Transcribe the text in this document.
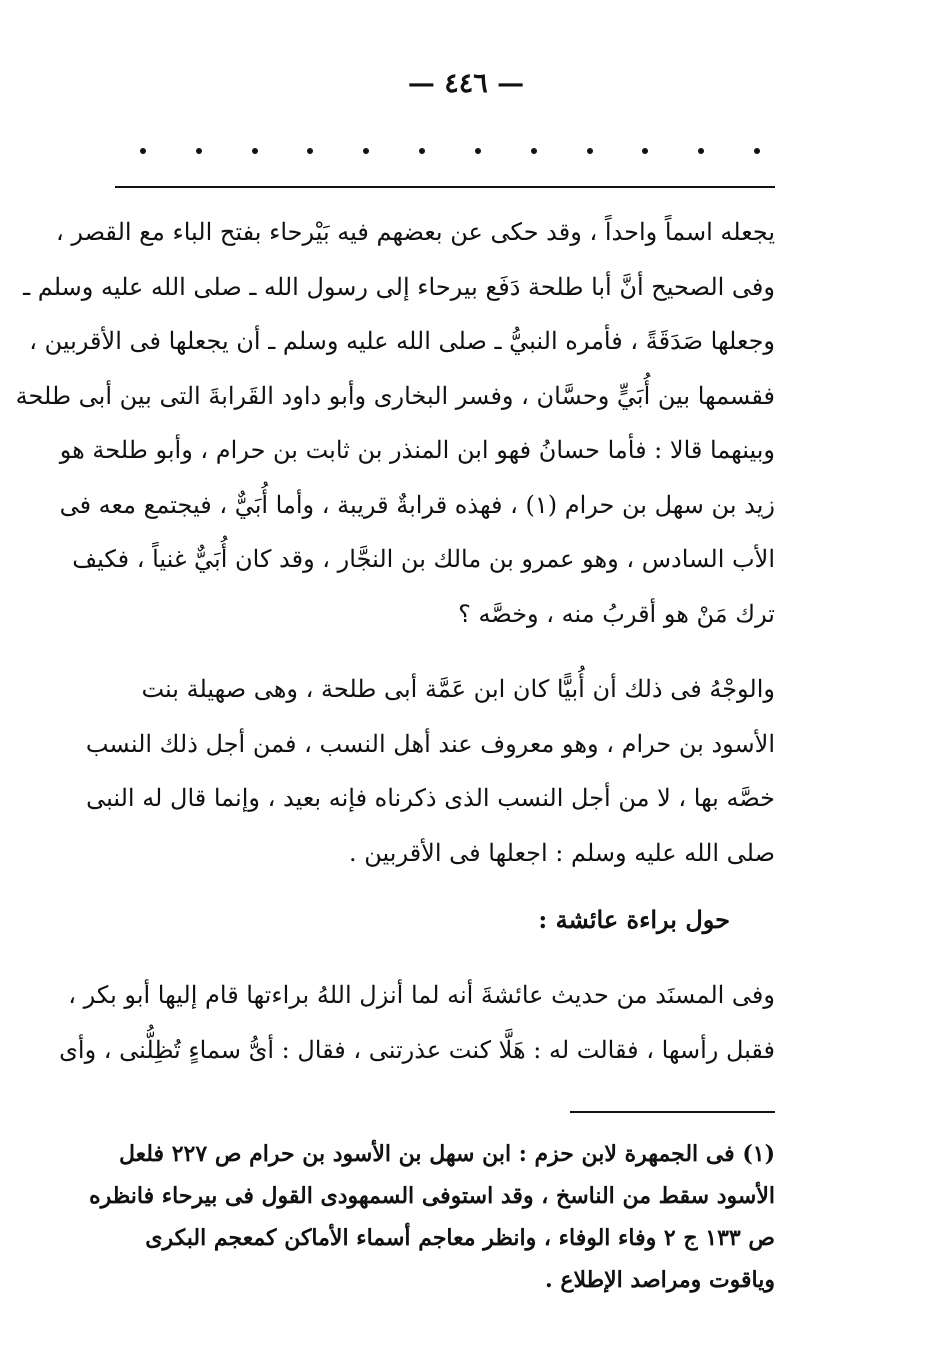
— ٤٤٦ —
يجعله اسماً واحداً ، وقد حكى عن بعضهم فيه بَيْرحاء بفتح الباء مع القصر ،
وفى الصحيح أنَّ أبا طلحة دَفَع بيرحاء إلى رسول الله ـ صلى الله عليه وسلم ـ
وجعلها صَدَقَةً ، فأمره النبيُّ ـ صلى الله عليه وسلم ـ أن يجعلها فى الأقربين ،
فقسمها بين أُبَيٍّ وحسَّان ، وفسر البخارى وأبو داود القَرابةَ التى بين أبى طلحة
وبينهما قالا : فأما حسانُ فهو ابن المنذر بن ثابت بن حرام ، وأبو طلحة هو
زيد بن سهل بن حرام (١) ، فهذه قرابةٌ قريبة ، وأما أُبَيٌّ ، فيجتمع معه فى
الأب السادس ، وهو عمرو بن مالك بن النجَّار ، وقد كان أُبَيٌّ غنياً ، فكيف
ترك مَنْ هو أقربُ منه ، وخصَّه ؟
والوجْهُ فى ذلك أن أُبيًّا كان ابن عَمَّة أبى طلحة ، وهى صهيلة بنت
الأسود بن حرام ، وهو معروف عند أهل النسب ، فمن أجل ذلك النسب
خصَّه بها ، لا من أجل النسب الذى ذكرناه فإنه بعيد ، وإنما قال له النبى
صلى الله عليه وسلم : اجعلها فى الأقربين .
حول براءة عائشة :
وفى المسنَد من حديث عائشةَ أنه لما أنزل اللهُ براءتها قام إليها أبو بكر ،
فقبل رأسها ، فقالت له : هَلَّا كنت عذرتنى ، فقال : أىُّ سماءٍ تُظِلُّنى ، وأى
(١) فى الجمهرة لابن حزم : ابن سهل بن الأسود بن حرام ص ٢٢٧ فلعل
الأسود سقط من الناسخ ، وقد استوفى السمهودى القول فى بيرحاء فانظره
ص ١٣٣ ج ٢ وفاء الوفاء ، وانظر معاجم أسماء الأماكن كمعجم البكرى
وياقوت ومراصد الإطلاع .
